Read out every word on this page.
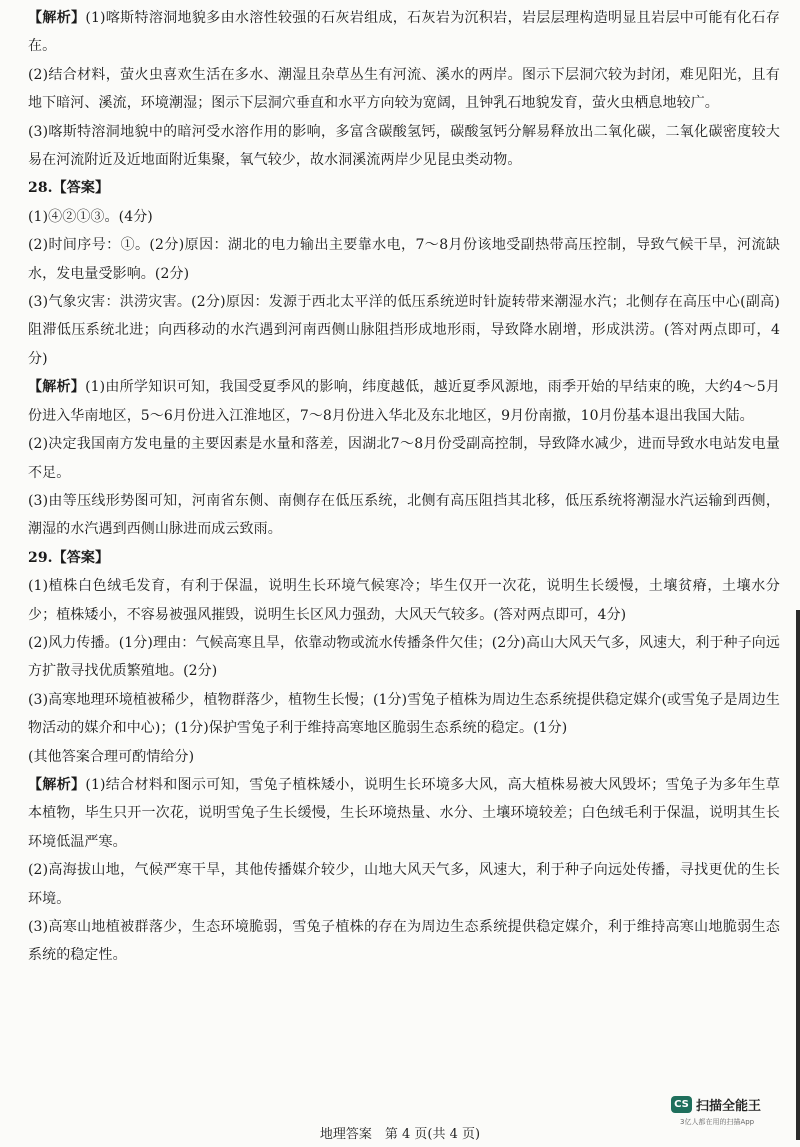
【解析】(1)喀斯特溶洞地貌多由水溶性较强的石灰岩组成，石灰岩为沉积岩，岩层层理构造明显且岩层中可能有化石存在。

(2)结合材料，萤火虫喜欢生活在多水、潮湿且杂草丛生有河流、溪水的两岸。图示下层洞穴较为封闭，难见阳光，且有地下暗河、溪流，环境潮湿；图示下层洞穴垂直和水平方向较为宽阔，且钟乳石地貌发育，萤火虫栖息地较广。

(3)喀斯特溶洞地貌中的暗河受水溶作用的影响，多富含碳酸氢钙，碳酸氢钙分解易释放出二氧化碳，二氧化碳密度较大易在河流附近及近地面附近集聚，氧气较少，故水洞溪流两岸少见昆虫类动物。

28.【答案】

(1)④②①③。(4分)

(2)时间序号：①。(2分)原因：湖北的电力输出主要靠水电，7～8月份该地受副热带高压控制，导致气候干旱，河流缺水，发电量受影响。(2分)

(3)气象灾害：洪涝灾害。(2分)原因：发源于西北太平洋的低压系统逆时针旋转带来潮湿水汽；北侧存在高压中心(副高)阻滞低压系统北进；向西移动的水汽遇到河南西侧山脉阻挡形成地形雨，导致降水剧增，形成洪涝。(答对两点即可，4分)

【解析】(1)由所学知识可知，我国受夏季风的影响，纬度越低，越近夏季风源地，雨季开始的早结束的晚，大约4～5月份进入华南地区，5～6月份进入江淮地区，7～8月份进入华北及东北地区，9月份南撤，10月份基本退出我国大陆。

(2)决定我国南方发电量的主要因素是水量和落差，因湖北7～8月份受副高控制，导致降水减少，进而导致水电站发电量不足。

(3)由等压线形势图可知，河南省东侧、南侧存在低压系统，北侧有高压阻挡其北移，低压系统将潮湿水汽运输到西侧，潮湿的水汽遇到西侧山脉进而成云致雨。

29.【答案】

(1)植株白色绒毛发育，有利于保温，说明生长环境气候寒冷；毕生仅开一次花，说明生长缓慢，土壤贫瘠，土壤水分少；植株矮小，不容易被强风摧毁，说明生长区风力强劲，大风天气较多。(答对两点即可，4分)

(2)风力传播。(1分)理由：气候高寒且旱，依靠动物或流水传播条件欠佳；(2分)高山大风天气多，风速大，利于种子向远方扩散寻找优质繁殖地。(2分)

(3)高寒地理环境植被稀少，植物群落少，植物生长慢；(1分)雪兔子植株为周边生态系统提供稳定媒介(或雪兔子是周边生物活动的媒介和中心)；(1分)保护雪兔子利于维持高寒地区脆弱生态系统的稳定。(1分)

(其他答案合理可酌情给分)

【解析】(1)结合材料和图示可知，雪兔子植株矮小，说明生长环境多大风，高大植株易被大风毁坏；雪兔子为多年生草本植物，毕生只开一次花，说明雪兔子生长缓慢，生长环境热量、水分、土壤环境较差；白色绒毛利于保温，说明其生长环境低温严寒。

(2)高海拔山地，气候严寒干旱，其他传播媒介较少，山地大风天气多，风速大，利于种子向远处传播，寻找更优的生长环境。

(3)高寒山地植被群落少，生态环境脆弱，雪兔子植株的存在为周边生态系统提供稳定媒介，利于维持高寒山地脆弱生态系统的稳定性。

CS 扫描全能王
3亿人都在用的扫描App
地理答案　第 4 页(共 4 页)
